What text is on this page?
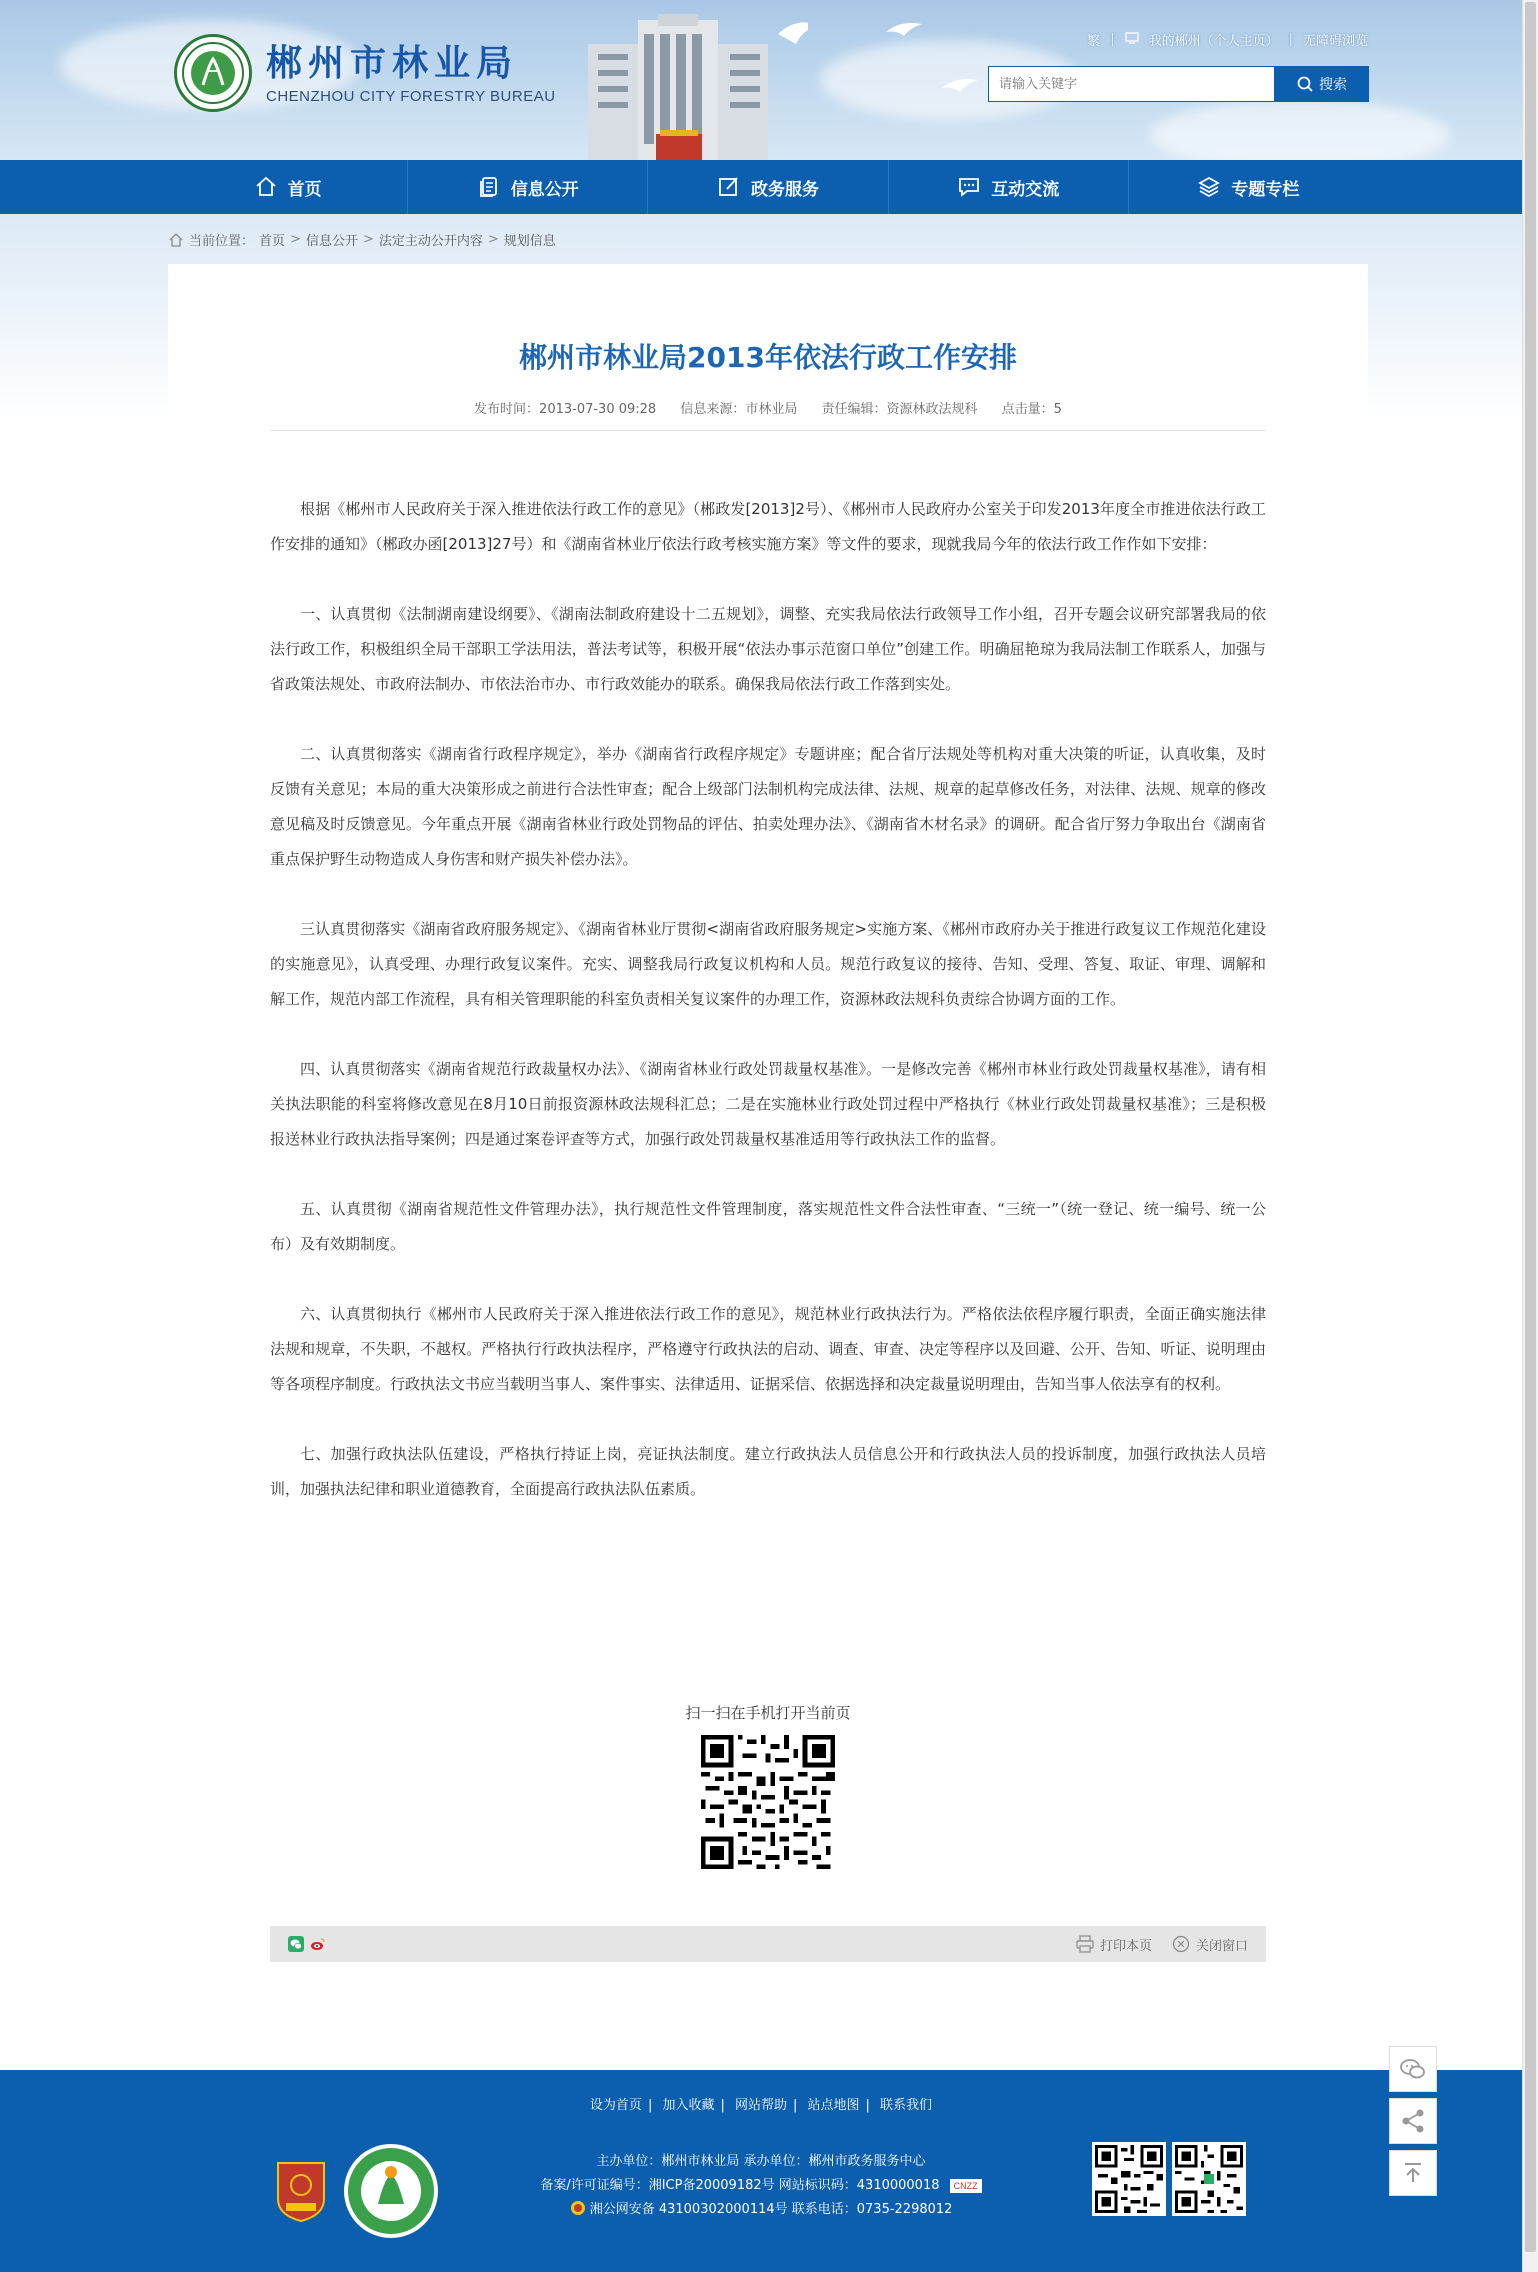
郴州市林业局
CHENZHOU CITY FORESTRY BUREAU
繁 |	我的郴州（个人主页） | 无障碍浏览
请输入关键字
搜索
首页	信息公开	政务服务	互动交流	专题专栏
当前位置： 首页 > 信息公开 > 法定主动公开内容 > 规划信息
郴州市林业局2013年依法行政工作安排
发布时间：2013-07-30 09:28 信息来源：市林业局 责任编辑：资源林政法规科 点击量：5

根据《郴州市人民政府关于深入推进依法行政工作的意见》（郴政发[2013]2号）、《郴州市人民政府办公室关于印发2013年度全市推进依法行政工作安排的通知》（郴政办函[2013]27号）和《湖南省林业厅依法行政考核实施方案》等文件的要求，现就我局今年的依法行政工作作如下安排：

一、认真贯彻《法制湖南建设纲要》、《湖南法制政府建设十二五规划》，调整、充实我局依法行政领导工作小组，召开专题会议研究部署我局的依法行政工作，积极组织全局干部职工学法用法，普法考试等，积极开展“依法办事示范窗口单位”创建工作。明确屈艳琼为我局法制工作联系人，加强与省政策法规处、市政府法制办、市依法治市办、市行政效能办的联系。确保我局依法行政工作落到实处。

二、认真贯彻落实《湖南省行政程序规定》，举办《湖南省行政程序规定》专题讲座；配合省厅法规处等机构对重大决策的听证，认真收集，及时反馈有关意见；本局的重大决策形成之前进行合法性审查；配合上级部门法制机构完成法律、法规、规章的起草修改任务，对法律、法规、规章的修改意见稿及时反馈意见。今年重点开展《湖南省林业行政处罚物品的评估、拍卖处理办法》、《湖南省木材名录》的调研。配合省厅努力争取出台《湖南省重点保护野生动物造成人身伤害和财产损失补偿办法》。

三认真贯彻落实《湖南省政府服务规定》、《湖南省林业厅贯彻<湖南省政府服务规定>实施方案、《郴州市政府办关于推进行政复议工作规范化建设的实施意见》，认真受理、办理行政复议案件。充实、调整我局行政复议机构和人员。规范行政复议的接待、告知、受理、答复、取证、审理、调解和解工作，规范内部工作流程，具有相关管理职能的科室负责相关复议案件的办理工作，资源林政法规科负责综合协调方面的工作。

四、认真贯彻落实《湖南省规范行政裁量权办法》、《湖南省林业行政处罚裁量权基准》。一是修改完善《郴州市林业行政处罚裁量权基准》，请有相关执法职能的科室将修改意见在8月10日前报资源林政法规科汇总；二是在实施林业行政处罚过程中严格执行《林业行政处罚裁量权基准》；三是积极报送林业行政执法指导案例；四是通过案卷评查等方式，加强行政处罚裁量权基准适用等行政执法工作的监督。

五、认真贯彻《湖南省规范性文件管理办法》，执行规范性文件管理制度，落实规范性文件合法性审查、“三统一”（统一登记、统一编号、统一公布）及有效期制度。

六、认真贯彻执行《郴州市人民政府关于深入推进依法行政工作的意见》，规范林业行政执法行为。严格依法依程序履行职责，全面正确实施法律法规和规章，不失职，不越权。严格执行行政执法程序，严格遵守行政执法的启动、调查、审查、决定等程序以及回避、公开、告知、听证、说明理由等各项程序制度。行政执法文书应当载明当事人、案件事实、法律适用、证据采信、依据选择和决定裁量说明理由，告知当事人依法享有的权利。

七、加强行政执法队伍建设，严格执行持证上岗，亮证执法制度。建立行政执法人员信息公开和行政执法人员的投诉制度，加强行政执法人员培训，加强执法纪律和职业道德教育，全面提高行政执法队伍素质。

扫一扫在手机打开当前页
打印本页	关闭窗口
设为首页 | 加入收藏 | 网站帮助 | 站点地图 | 联系我们
主办单位：郴州市林业局 承办单位：郴州市政务服务中心
备案/许可证编号：湘ICP备20009182号 网站标识码：4310000018 CNZZ
湘公网安备 43100302000114号 联系电话：0735-2298012
